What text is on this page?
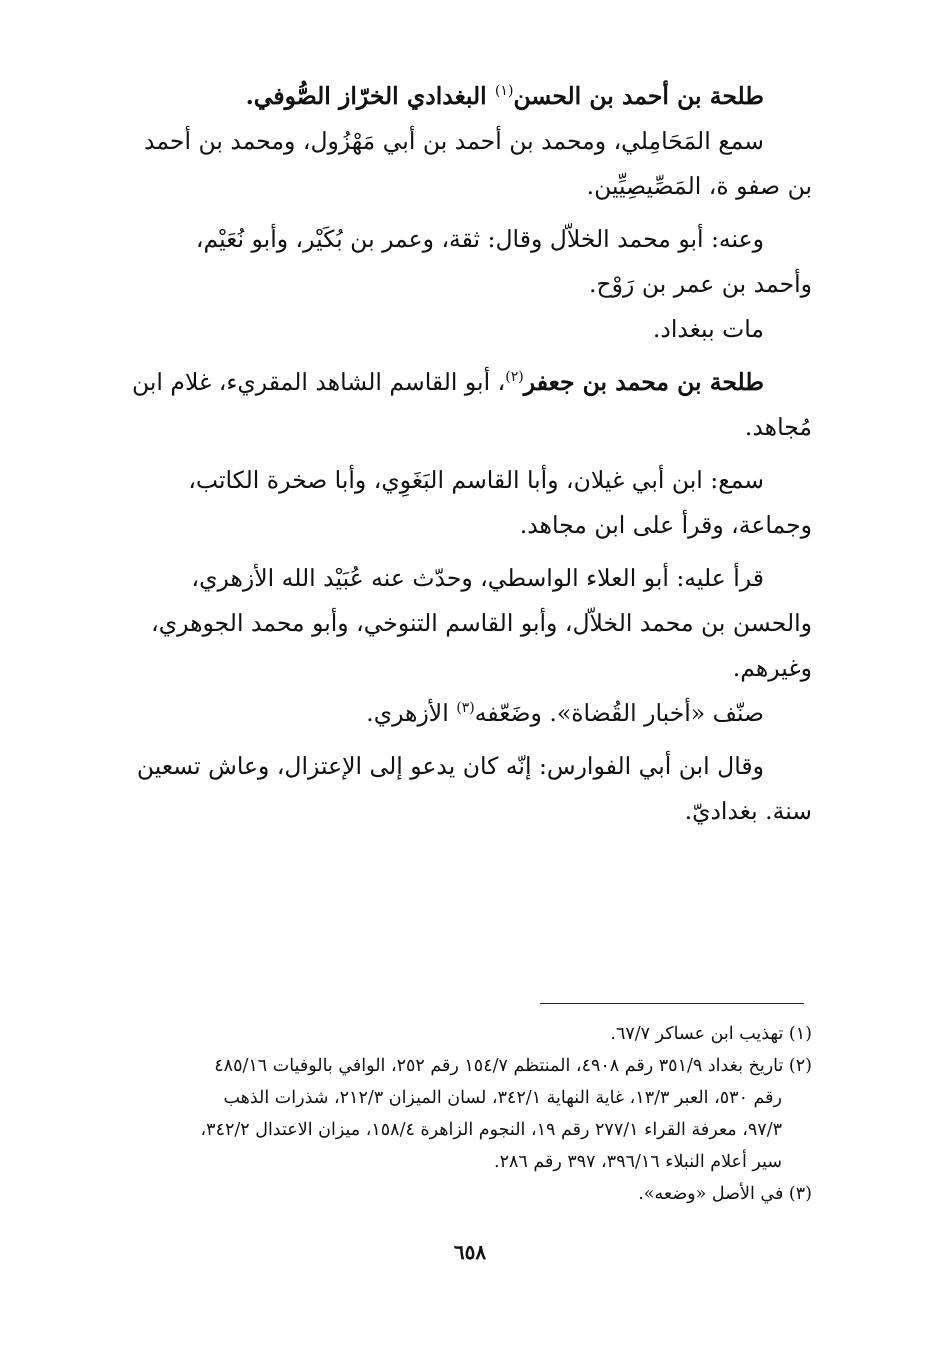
طلحة بن أحمد بن الحسن$^{(١)}$ البغدادي الخرّاز الصُّوفي.

سمع المَحَامِلي، ومحمد بن أحمد بن أبي مَهْزُول، ومحمد بن أحمد

بن صفو ة، المَصِّيصِيِّين.

وعنه: أبو محمد الخلاّل وقال: ثقة، وعمر بن بُكَيْر، وأبو نُعَيْم،

وأحمد بن عمر بن رَوْح.

مات ببغداد.

طلحة بن محمد بن جعفر$^{(٢)}$، أبو القاسم الشاهد المقريء، غلام ابن

مُجاهد.

سمع: ابن أبي غيلان، وأبا القاسم البَغَوِي، وأبا صخرة الكاتب،

وجماعة، وقرأ على ابن مجاهد.

قرأ عليه: أبو العلاء الواسطي، وحدّث عنه عُبَيْد الله الأزهري،

والحسن بن محمد الخلاّل، وأبو القاسم التنوخي، وأبو محمد الجوهري،

وغيرهم.

صنّف «أخبار القُضاة». وضَعّفه$^{(٣)}$ الأزهري.

وقال ابن أبي الفوارس: إنّه كان يدعو إلى الإعتزال، وعاش تسعين

سنة. بغداديّ.

(١) تهذيب ابن عساكر ٦٧/٧.

(٢) تاريخ بغداد ٣٥١/٩ رقم ٤٩٠٨، المنتظم ١٥٤/٧ رقم ٢٥٢، الوافي بالوفيات ٤٨٥/١٦

رقم ٥٣٠، العبر ١٣/٣، غاية النهاية ٣٤٢/١، لسان الميزان ٢١٢/٣، شذرات الذهب

٩٧/٣، معرفة القراء ٢٧٧/١ رقم ١٩، النجوم الزاهرة ١٥٨/٤، ميزان الاعتدال ٣٤٢/٢،

سير أعلام النبلاء ٣٩٦/١٦، ٣٩٧ رقم ٢٨٦.

(٣) في الأصل «وضعه».

٦٥٨
